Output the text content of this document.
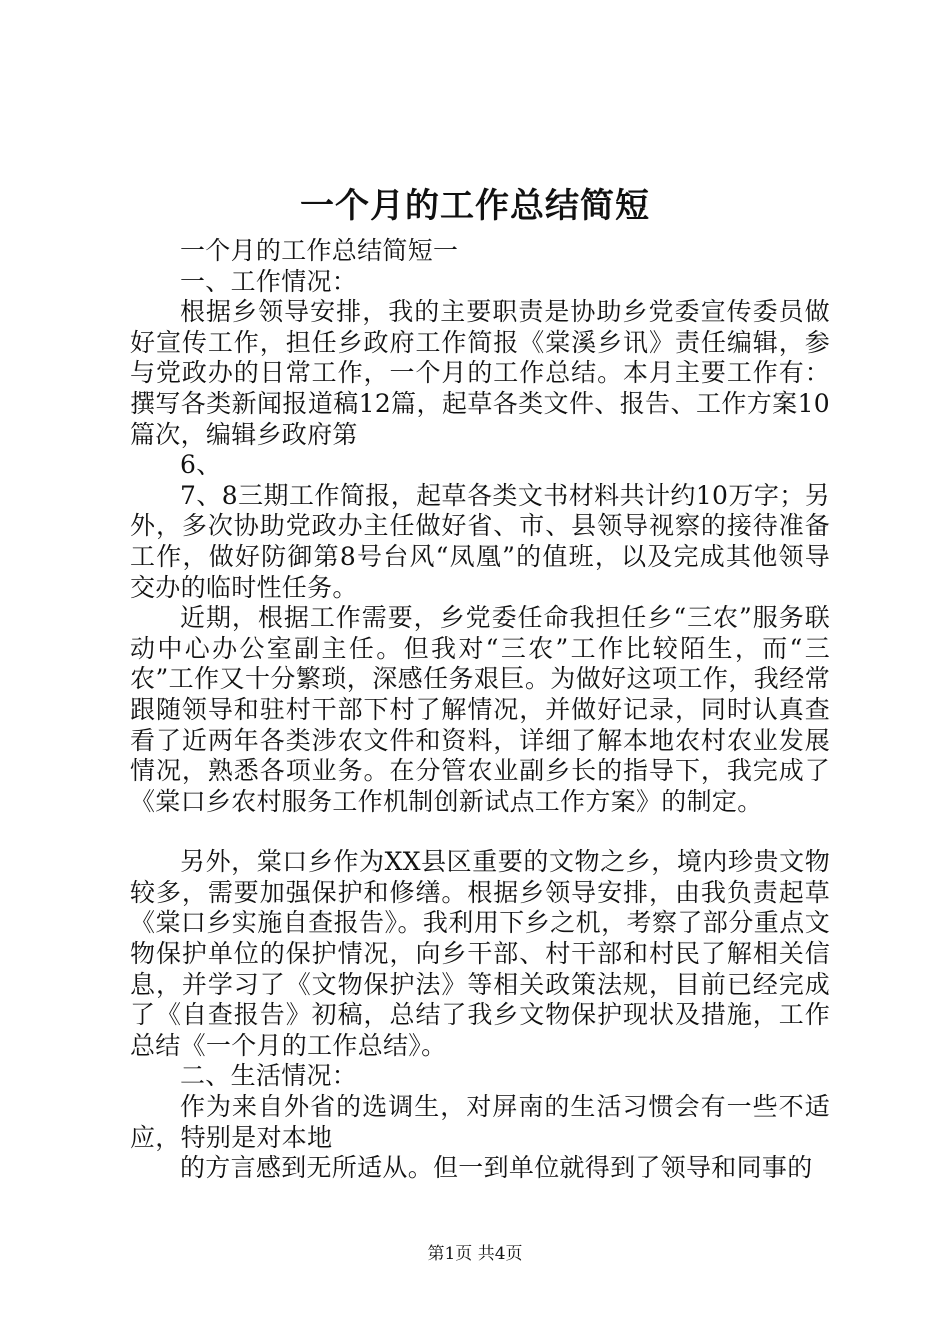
一个月的工作总结简短

一个月的工作总结简短一

一、工作情况：

根据乡领导安排，我的主要职责是协助乡党委宣传委员做好宣传工作，担任乡政府工作简报《棠溪乡讯》责任编辑，参与党政办的日常工作，一个月的工作总结。本月主要工作有：撰写各类新闻报道稿12篇，起草各类文件、报告、工作方案10篇次，编辑乡政府第

6、

7、8三期工作简报，起草各类文书材料共计约10万字；另外，多次协助党政办主任做好省、市、县领导视察的接待准备工作，做好防御第8号台风“凤凰”的值班，以及完成其他领导交办的临时性任务。

近期，根据工作需要，乡党委任命我担任乡“三农”服务联动中心办公室副主任。但我对“三农”工作比较陌生，而“三农”工作又十分繁琐，深感任务艰巨。为做好这项工作，我经常跟随领导和驻村干部下村了解情况，并做好记录，同时认真查看了近两年各类涉农文件和资料，详细了解本地农村农业发展情况，熟悉各项业务。在分管农业副乡长的指导下，我完成了《棠口乡农村服务工作机制创新试点工作方案》的制定。

另外，棠口乡作为XX县区重要的文物之乡，境内珍贵文物较多，需要加强保护和修缮。根据乡领导安排，由我负责起草《棠口乡实施自查报告》。我利用下乡之机，考察了部分重点文物保护单位的保护情况，向乡干部、村干部和村民了解相关信息，并学习了《文物保护法》等相关政策法规，目前已经完成了《自查报告》初稿，总结了我乡文物保护现状及措施，工作总结《一个月的工作总结》。

二、生活情况：

作为来自外省的选调生，对屏南的生活习惯会有一些不适应，特别是对本地

的方言感到无所适从。但一到单位就得到了领导和同事的

第1页 共4页
